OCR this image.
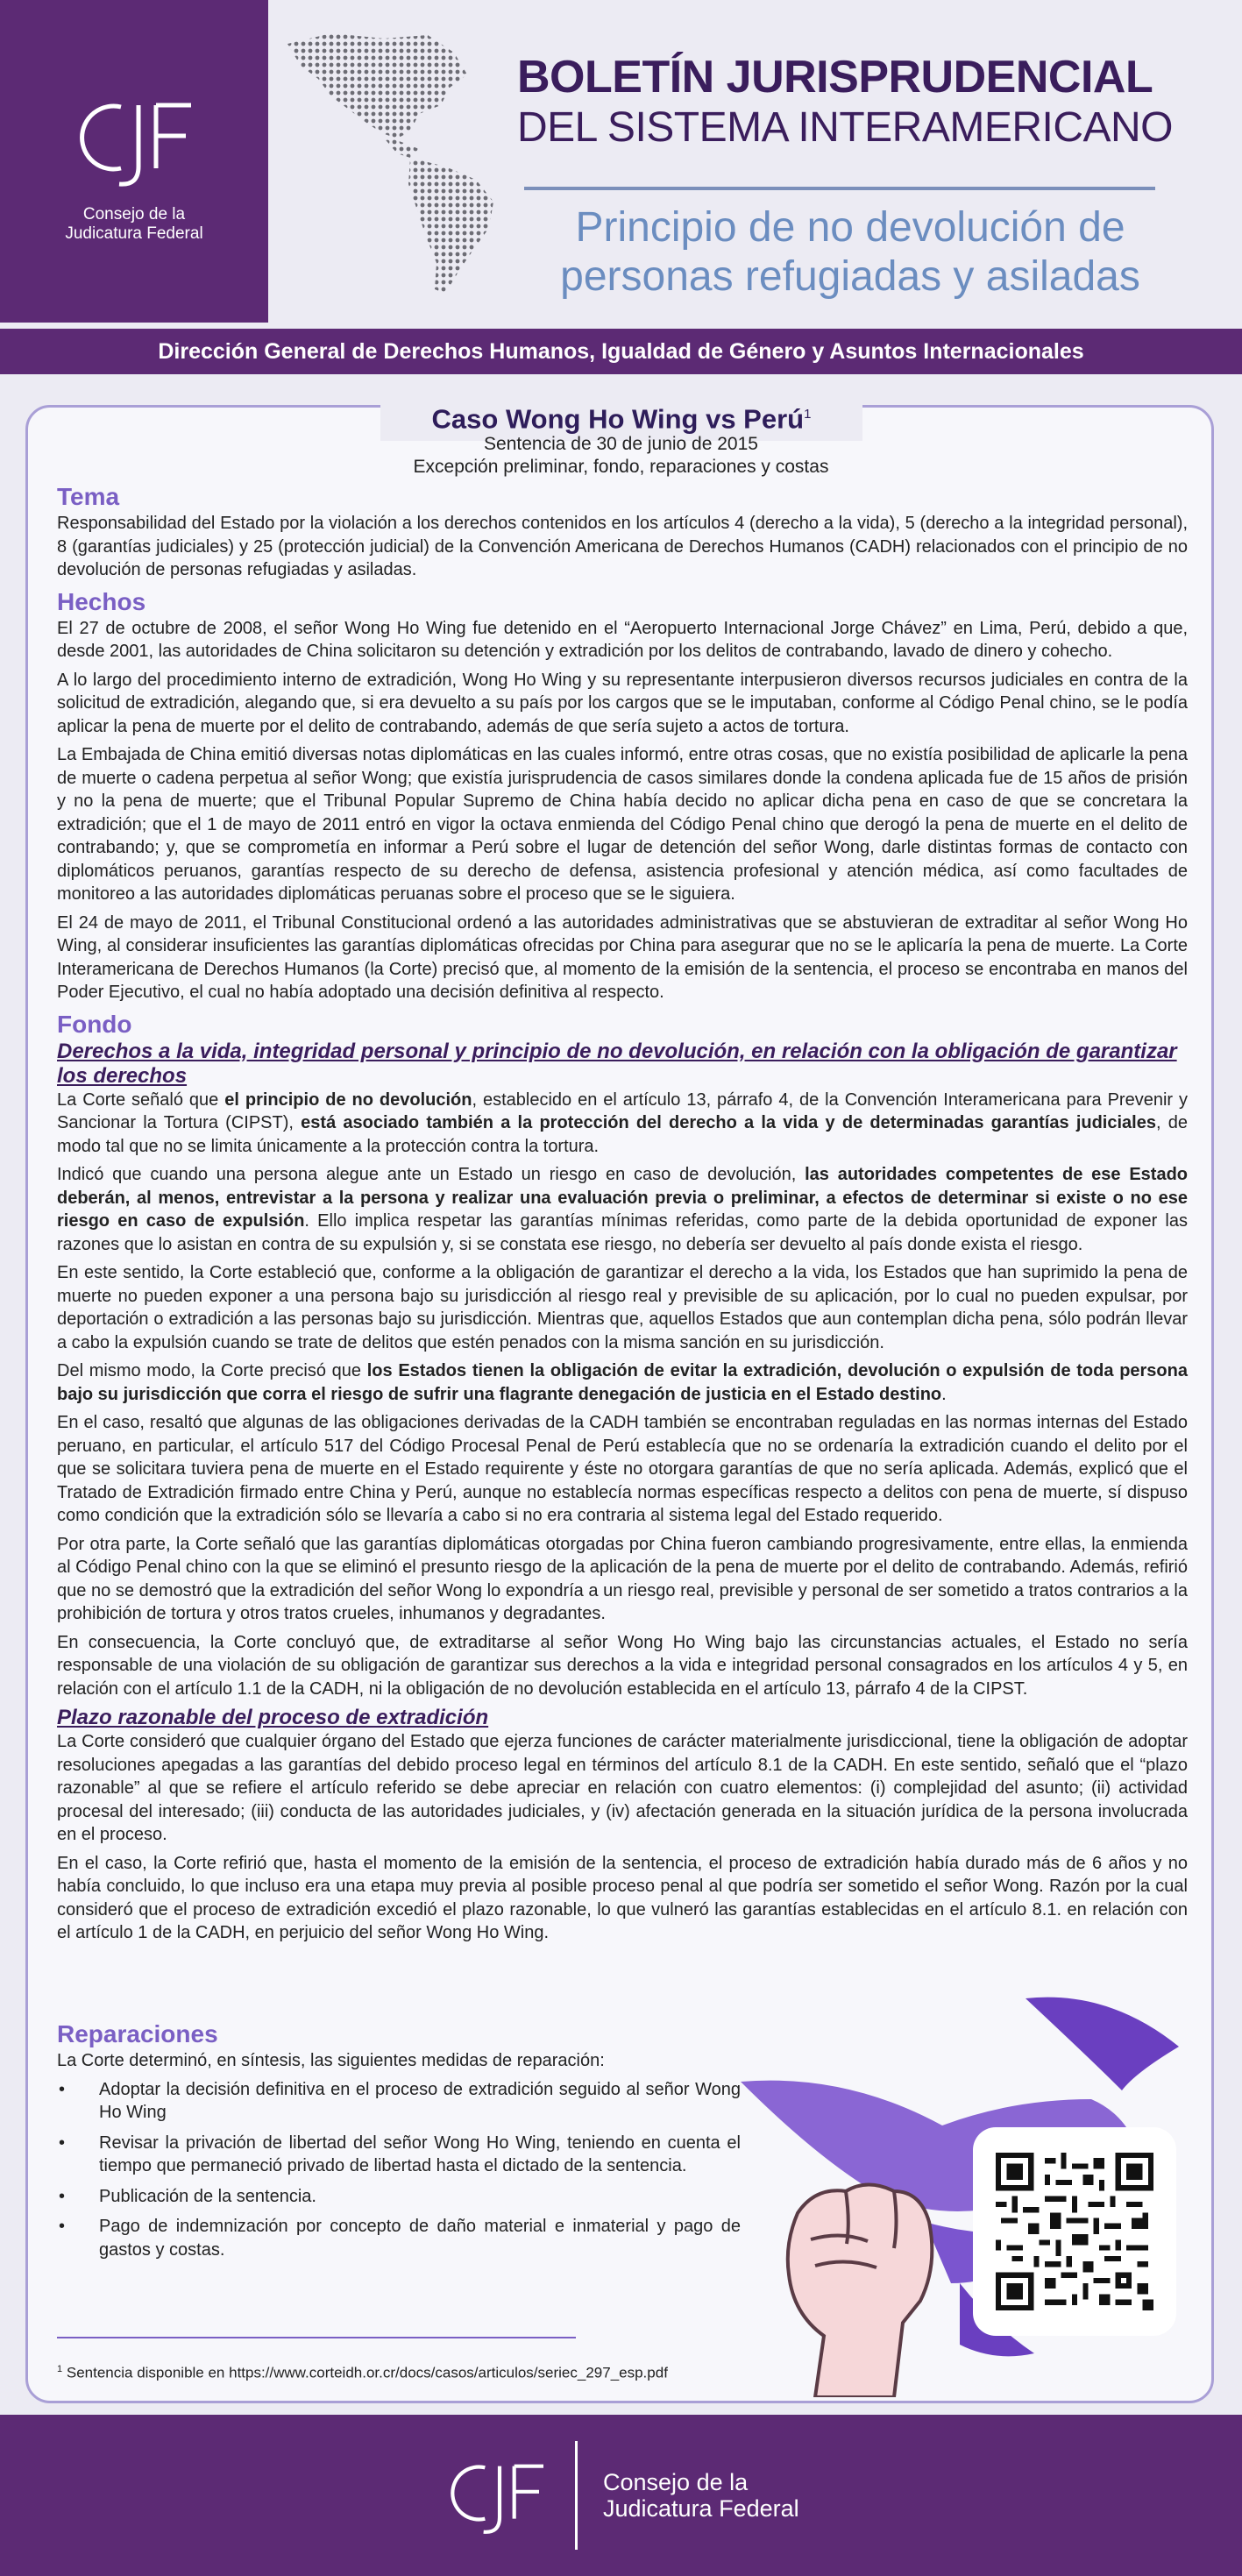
Consejo de la
Judicatura Federal
BOLETÍN JURISPRUDENCIAL
DEL SISTEMA INTERAMERICANO
Principio de no devolución de
personas refugiadas y asiladas
Dirección General de Derechos Humanos, Igualdad de Género y Asuntos Internacionales
Caso Wong Ho Wing vs Perú$^1$
Sentencia de 30 de junio de 2015
Excepción preliminar, fondo, reparaciones y costas
Tema

Responsabilidad del Estado por la violación a los derechos contenidos en los artículos 4 (derecho a la vida), 5 (derecho a la integridad personal), 8 (garantías judiciales) y 25 (protección judicial) de la Convención Americana de Derechos Humanos (CADH) relacionados con el principio de no devolución de personas refugiadas y asiladas.

Hechos

El 27 de octubre de 2008, el señor Wong Ho Wing fue detenido en el “Aeropuerto Internacional Jorge Chávez” en Lima, Perú, debido a que, desde 2001, las autoridades de China solicitaron su detención y extradición por los delitos de contrabando, lavado de dinero y cohecho.

A lo largo del procedimiento interno de extradición, Wong Ho Wing y su representante interpusieron diversos recursos judiciales en contra de la solicitud de extradición, alegando que, si era devuelto a su país por los cargos que se le imputaban, conforme al Código Penal chino, se le podía aplicar la pena de muerte por el delito de contrabando, además de que sería sujeto a actos de tortura.

La Embajada de China emitió diversas notas diplomáticas en las cuales informó, entre otras cosas, que no existía posibilidad de aplicarle la pena de muerte o cadena perpetua al señor Wong; que existía jurisprudencia de casos similares donde la condena aplicada fue de 15 años de prisión y no la pena de muerte; que el Tribunal Popular Supremo de China había decido no aplicar dicha pena en caso de que se concretara la extradición; que el 1 de mayo de 2011 entró en vigor la octava enmienda del Código Penal chino que derogó la pena de muerte en el delito de contrabando; y, que se comprometía en informar a Perú sobre el lugar de detención del señor Wong, darle distintas formas de contacto con diplomáticos peruanos, garantías respecto de su derecho de defensa, asistencia profesional y atención médica, así como facultades de monitoreo a las autoridades diplomáticas peruanas sobre el proceso que se le siguiera.

El 24 de mayo de 2011, el Tribunal Constitucional ordenó a las autoridades administrativas que se abstuvieran de extraditar al señor Wong Ho Wing, al considerar insuficientes las garantías diplomáticas ofrecidas por China para asegurar que no se le aplicaría la pena de muerte. La Corte Interamericana de Derechos Humanos (la Corte) precisó que, al momento de la emisión de la sentencia, el proceso se encontraba en manos del Poder Ejecutivo, el cual no había adoptado una decisión definitiva al respecto.

Fondo
Derechos a la vida, integridad personal y principio de no devolución, en relación con la obligación de garantizar los derechos

La Corte señaló que el principio de no devolución, establecido en el artículo 13, párrafo 4, de la Convención Interamericana para Prevenir y Sancionar la Tortura (CIPST), está asociado también a la protección del derecho a la vida y de determinadas garantías judiciales, de modo tal que no se limita únicamente a la protección contra la tortura.

Indicó que cuando una persona alegue ante un Estado un riesgo en caso de devolución, las autoridades competentes de ese Estado deberán, al menos, entrevistar a la persona y realizar una evaluación previa o preliminar, a efectos de determinar si existe o no ese riesgo en caso de expulsión. Ello implica respetar las garantías mínimas referidas, como parte de la debida oportunidad de exponer las razones que lo asistan en contra de su expulsión y, si se constata ese riesgo, no debería ser devuelto al país donde exista el riesgo.

En este sentido, la Corte estableció que, conforme a la obligación de garantizar el derecho a la vida, los Estados que han suprimido la pena de muerte no pueden exponer a una persona bajo su jurisdicción al riesgo real y previsible de su aplicación, por lo cual no pueden expulsar, por deportación o extradición a las personas bajo su jurisdicción. Mientras que, aquellos Estados que aun contemplan dicha pena, sólo podrán llevar a cabo la expulsión cuando se trate de delitos que estén penados con la misma sanción en su jurisdicción.

Del mismo modo, la Corte precisó que los Estados tienen la obligación de evitar la extradición, devolución o expulsión de toda persona bajo su jurisdicción que corra el riesgo de sufrir una flagrante denegación de justicia en el Estado destino.

En el caso, resaltó que algunas de las obligaciones derivadas de la CADH también se encontraban reguladas en las normas internas del Estado peruano, en particular, el artículo 517 del Código Procesal Penal de Perú establecía que no se ordenaría la extradición cuando el delito por el que se solicitara tuviera pena de muerte en el Estado requirente y éste no otorgara garantías de que no sería aplicada. Además, explicó que el Tratado de Extradición firmado entre China y Perú, aunque no establecía normas específicas respecto a delitos con pena de muerte, sí dispuso como condición que la extradición sólo se llevaría a cabo si no era contraria al sistema legal del Estado requerido.

Por otra parte, la Corte señaló que las garantías diplomáticas otorgadas por China fueron cambiando progresivamente, entre ellas, la enmienda al Código Penal chino con la que se eliminó el presunto riesgo de la aplicación de la pena de muerte por el delito de contrabando. Además, refirió que no se demostró que la extradición del señor Wong lo expondría a un riesgo real, previsible y personal de ser sometido a tratos contrarios a la prohibición de tortura y otros tratos crueles, inhumanos y degradantes.

En consecuencia, la Corte concluyó que, de extraditarse al señor Wong Ho Wing bajo las circunstancias actuales, el Estado no sería responsable de una violación de su obligación de garantizar sus derechos a la vida e integridad personal consagrados en los artículos 4 y 5, en relación con el artículo 1.1 de la CADH, ni la obligación de no devolución establecida en el artículo 13, párrafo 4 de la CIPST.

Plazo razonable del proceso de extradición

La Corte consideró que cualquier órgano del Estado que ejerza funciones de carácter materialmente jurisdiccional, tiene la obligación de adoptar resoluciones apegadas a las garantías del debido proceso legal en términos del artículo 8.1 de la CADH. En este sentido, señaló que el “plazo razonable” al que se refiere el artículo referido se debe apreciar en relación con cuatro elementos: (i) complejidad del asunto; (ii) actividad procesal del interesado; (iii) conducta de las autoridades judiciales, y (iv) afectación generada en la situación jurídica de la persona involucrada en el proceso.

En el caso, la Corte refirió que, hasta el momento de la emisión de la sentencia, el proceso de extradición había durado más de 6 años y no había concluido, lo que incluso era una etapa muy previa al posible proceso penal al que podría ser sometido el señor Wong. Razón por la cual consideró que el proceso de extradición excedió el plazo razonable, lo que vulneró las garantías establecidas en el artículo 8.1. en relación con el artículo 1 de la CADH, en perjuicio del señor Wong Ho Wing.

Reparaciones

La Corte determinó, en síntesis, las siguientes medidas de reparación:

• Adoptar la decisión definitiva en el proceso de extradición seguido al señor Wong Ho Wing
• Revisar la privación de libertad del señor Wong Ho Wing, teniendo en cuenta el tiempo que permaneció privado de libertad hasta el dictado de la sentencia.
• Publicación de la sentencia.
• Pago de indemnización por concepto de daño material e inmaterial y pago de gastos y costas.
$^1$ Sentencia disponible en https://www.corteidh.or.cr/docs/casos/articulos/seriec_297_esp.pdf
Consejo de la
Judicatura Federal
